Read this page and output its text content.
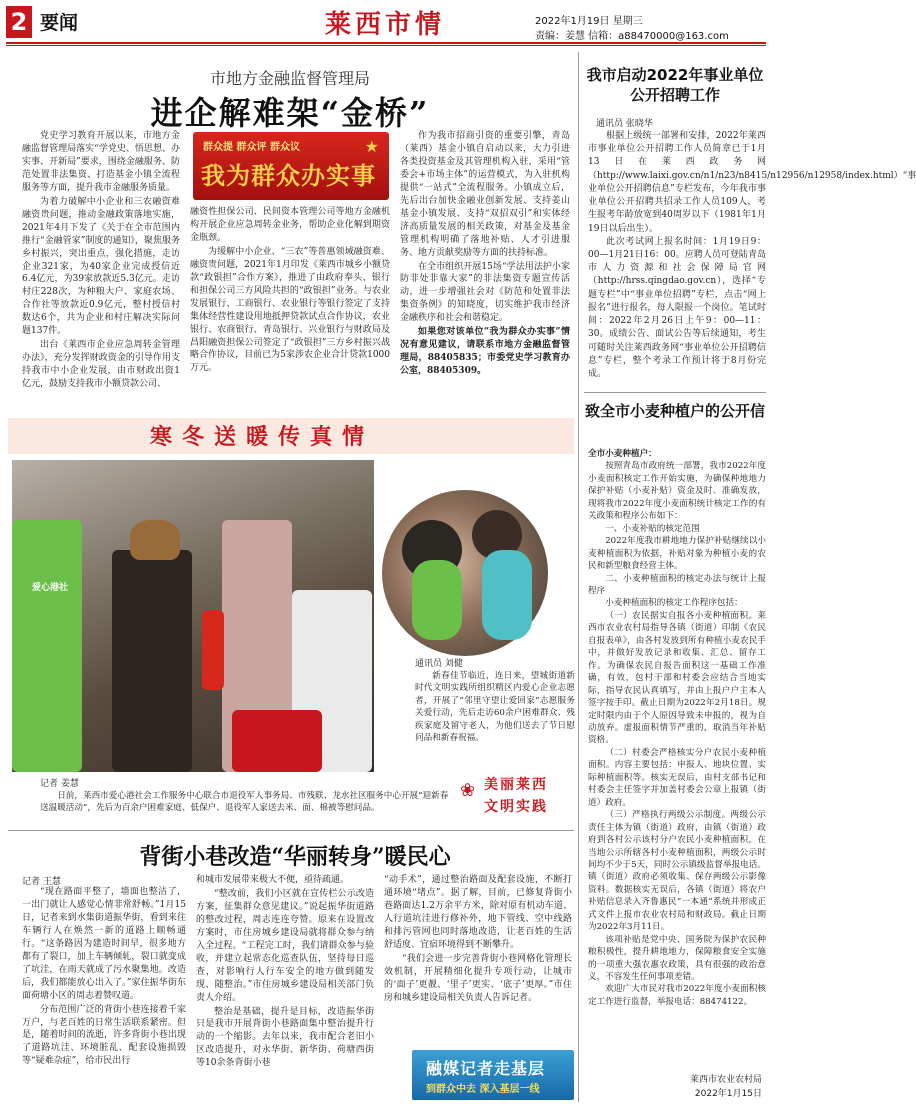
2 要闻	莱西市情	2022年1月19日 星期三
责编：姜慧 信箱：a88470000@163.com
市地方金融监督管理局
进企解难架“金桥”
群众提 群众评 群众议	★
我为群众办实事

党史学习教育开展以来，市地方金融监督管理局落实“学党史、悟思想、办实事、开新局”要求，围绕金融服务、防范处置非法集资、打造基金小镇全流程服务等方面，提升我市金融服务质量。

为着力破解中小企业和三农融资难融资贵问题，推动金融政策落地实施，2021年4月下发了《关于在全市范围内推行“金融管家”制度的通知》，聚焦服务乡村振兴，突出重点，强化措施，走访企业321家，为40家企业完成授信近6.4亿元，为39家放款近5.3亿元。走访村庄228次，为种粮大户、家庭农场、合作社等放款近0.9亿元，整村授信村数达6个，共为企业和村庄解决实际问题137件。

出台《莱西市企业应急周转金管理办法》，充分发挥财政资金的引导作用支持我市中小企业发展，由市财政出资1亿元，鼓励支持我市小额贷款公司、

融资性担保公司、民间资本管理公司等地方金融机构开展企业应急周转金业务，帮助企业化解到期资金瓶颈。

为缓解中小企业、“三农”等普惠领域融资难、融资贵问题，2021年1月印发《莱西市城乡小额贷款“政银担”合作方案》，推进了由政府奉头、银行和担保公司三方风险共担的“政银担”业务。与农业发展银行、工商银行、农业银行等银行签定了支持集体经营性建设用地抵押贷款试点合作协议，农业银行、农商银行、青岛银行、兴业银行与财政局及昌阳融资担保公司签定了“政银担”三方乡村振兴战略合作协议，目前已为5家涉农企业合计贷款1000万元。

作为我市招商引资的重要引擎，青岛（莱西）基金小镇自启动以来，大力引进各类投资基金及其管理机构入驻，采用“管委会+市场主体”的运营模式，为入驻机构提供“一站式”全流程服务。小镇成立后，先后出台加快金融业创新发展、支持姜山基金小镇发展、支持“双招双引”和实体经济高质量发展的相关政策，对基金及基金管理机构明确了落地补贴、人才引进服务、地方贡献奖励等方面的扶持标准。

在全市组织开展15场“学法用法护小家 防非处非靠大家”的非法集资专题宣传活动，进一步增强社会对《防范和处置非法集资条例》的知晓度，切实维护我市经济金融秩序和社会和谐稳定。

如果您对该单位“我为群众办实事”情况有意见建议，请联系市地方金融监督管理局，88405835；市委党史学习教育办公室，88405309。

我市启动2022年事业单位公开招聘工作
通讯员 张晓华

根据上级统一部署和安排，2022年莱西市事业单位公开招聘工作人员简章已于1月13日在莱西政务网（http://www.laixi.gov.cn/n1/n23/n8415/n12956/n12958/index.html）“事业单位公开招聘信息”专栏发布，今年我市事业单位公开招聘共招录工作人员109人，考生报考年龄放宽到40周岁以下（1981年1月19日以后出生）。

此次考试网上报名时间：1月19日9：00—1月21日16：00。应聘人员可登陆青岛市人力资源和社会保障局官网（http://hrss.qingdao.gov.cn），选择“专题专栏”中“事业单位招聘”专栏，点击“网上报名”进行报名，每人限报一个岗位。笔试时间：2022年2月26日上午9：00—11：30。成绩公告、面试公告等后续通知，考生可随时关注莱西政务网“事业单位公开招聘信息”专栏，整个考录工作预计将于8月份完成。

致全市小麦种植户的公开信
全市小麦种植户：

按照青岛市政府统一部署，我市2022年度小麦面积核定工作开始实施，为确保种地地力保护补贴（小麦补贴）资金及时、准确发放，现将我市2022年度小麦面积统计核定工作的有关政策和程序公布如下：

一、小麦补贴的核定范围

2022年度我市耕地地力保护补贴继续以小麦种植面积为依据，补贴对象为种植小麦的农民和新型粮食经营主体。

二、小麦种植面积的核定办法与统计上报程序

小麦种植面积的核定工作程序包括：

（一）农民据实自报各小麦种植面积。莱西市农业农村局指导各镇（街道）印制《农民自报表单》，由各村发放到所有种植小麦农民手中，并做好发放记录和收集、汇总、留存工作。为确保农民自报告面积这一基础工作准确，有效，包村干部和村委会应结合当地实际，指导农民认真填写，并由上报户户主本人签字按手印。截止日期为2022年2月18日。规定时限内由于个人原因导致未申报的，视为自动放弃。虚报面积情节严重的，取消当年补贴资格。

（二）村委会严格核实分户农民小麦种植面积。内容主要包括：申报人、地块位置、实际种植面积等。核实无误后，由村支部书记和村委会主任签字并加盖村委会公章上报镇（街道）政府。

（三）严格执行两级公示制度。两级公示责任主体为镇（街道）政府，由镇（街道）政府到各村公示该村分户农民小麦种植面积，在当地公示所辖各村小麦种植面积，两级公示时间均不少于5天，同时公示镇级监督举报电话。镇（街道）政府必须收集、保存两级公示影像资料。数据核实无误后，各镇（街道）将农户补贴信息录入齐鲁惠民“一本通”系统并形成正式文件上报市农业农村局和财政局。截止日期为2022年3月11日。

该项补贴是党中央、国务院为保护农民种粮积极性，提升耕地地力，保障粮食安全实施的一项重大强农惠农政策，具有很强的政治意义，不容发生任何事项差错。

欢迎广大市民对我市2022年度小麦面积核定工作进行监督，举报电话：88474122。

莱西市农业农村局
2022年1月15日
寒冬送暖传真情
爱心港社
通讯员 刘健

新春佳节临近，连日来，望城街道新时代文明实践所组织精区内爱心企业志愿者，开展了“邻里守望让爱回家”志愿服务关爱行动，先后走访60余户困难群众、残疾家庭及留守老人，为他们送去了节日慰问品和新春祝福。

记者 姜慧

日前，莱西市爱心港社会工作服务中心联合市退役军人事务局、市残联、龙水社区服务中心开展“迎新春送温暖活动”，先后为百余户困难家庭、低保户、退役军人家送去米、面、棉被等慰问品。

❀ 美丽莱西
文明实践
背街小巷改造“华丽转身”暖民心
记者 王慧

“现在路面平整了，墙面也整洁了，一出门就让人感觉心情非常舒畅。”1月15日，记者来到水集街道振华街，看到来往车辆行人在焕然一新的道路上顺畅通行。“这条路因为建造时间早，很多地方都有了裂口，加上车辆倾轧，裂口就变成了坑洼，在雨天就成了污水聚集地。改造后，我们都能放心出入了。”家住振华街东面荷塘小区的周志着赞叹道。

分布范围广泛的背街小巷连接着千家万户，与老百姓的日常生活联系紧密。但是，随着时间的流逝，许多背街小巷出现了道路坑洼、环境脏乱、配套设施损毁等“疑难杂症”，给市民出行

和城市发展带来极大不便，亟待疏通。

“整改前，我们小区就在宣传栏公示改造方案，征集群众意见建议。”说起振华街道路的整改过程，周志连连夸赞。原来在设置改方案时，市住房城乡建设局就将群众参与纳入全过程。“工程完工时，我们请群众参与验收，并建立起常态化巡查队伍，坚持每日巡查，对影响行人行车安全的地方做到随发现、随整治。”市住房城乡建设局相关部门负责人介绍。

整治是基础，提升是目标，改造振华街只是我市开展背街小巷路面集中整治提升行动的一个缩影。去年以来，我市配合老旧小区改造提升，对永华街、新华街、荷塘西街等10余条背街小巷

“动手术”，通过整治路面及配套设施，不断打通环境“堵点”。据了解，目前，已修复背街小巷路面达1.2万余平方米，除对原有机动车道、人行道坑洼进行修补外，地下管线、空中线路和排污管网也同时落地改造，让老百姓的生活舒适度、宜宿环境得到不断攀升。

“我们会进一步完善背街小巷网格化管理长效机制，开展精细化提升专项行动，让城市的‘面子’更靓、‘里子’更实、‘底子’更厚。”市住房和城乡建设局相关负责人告诉记者。

融媒记者走基层
到群众中去 深入基层一线
